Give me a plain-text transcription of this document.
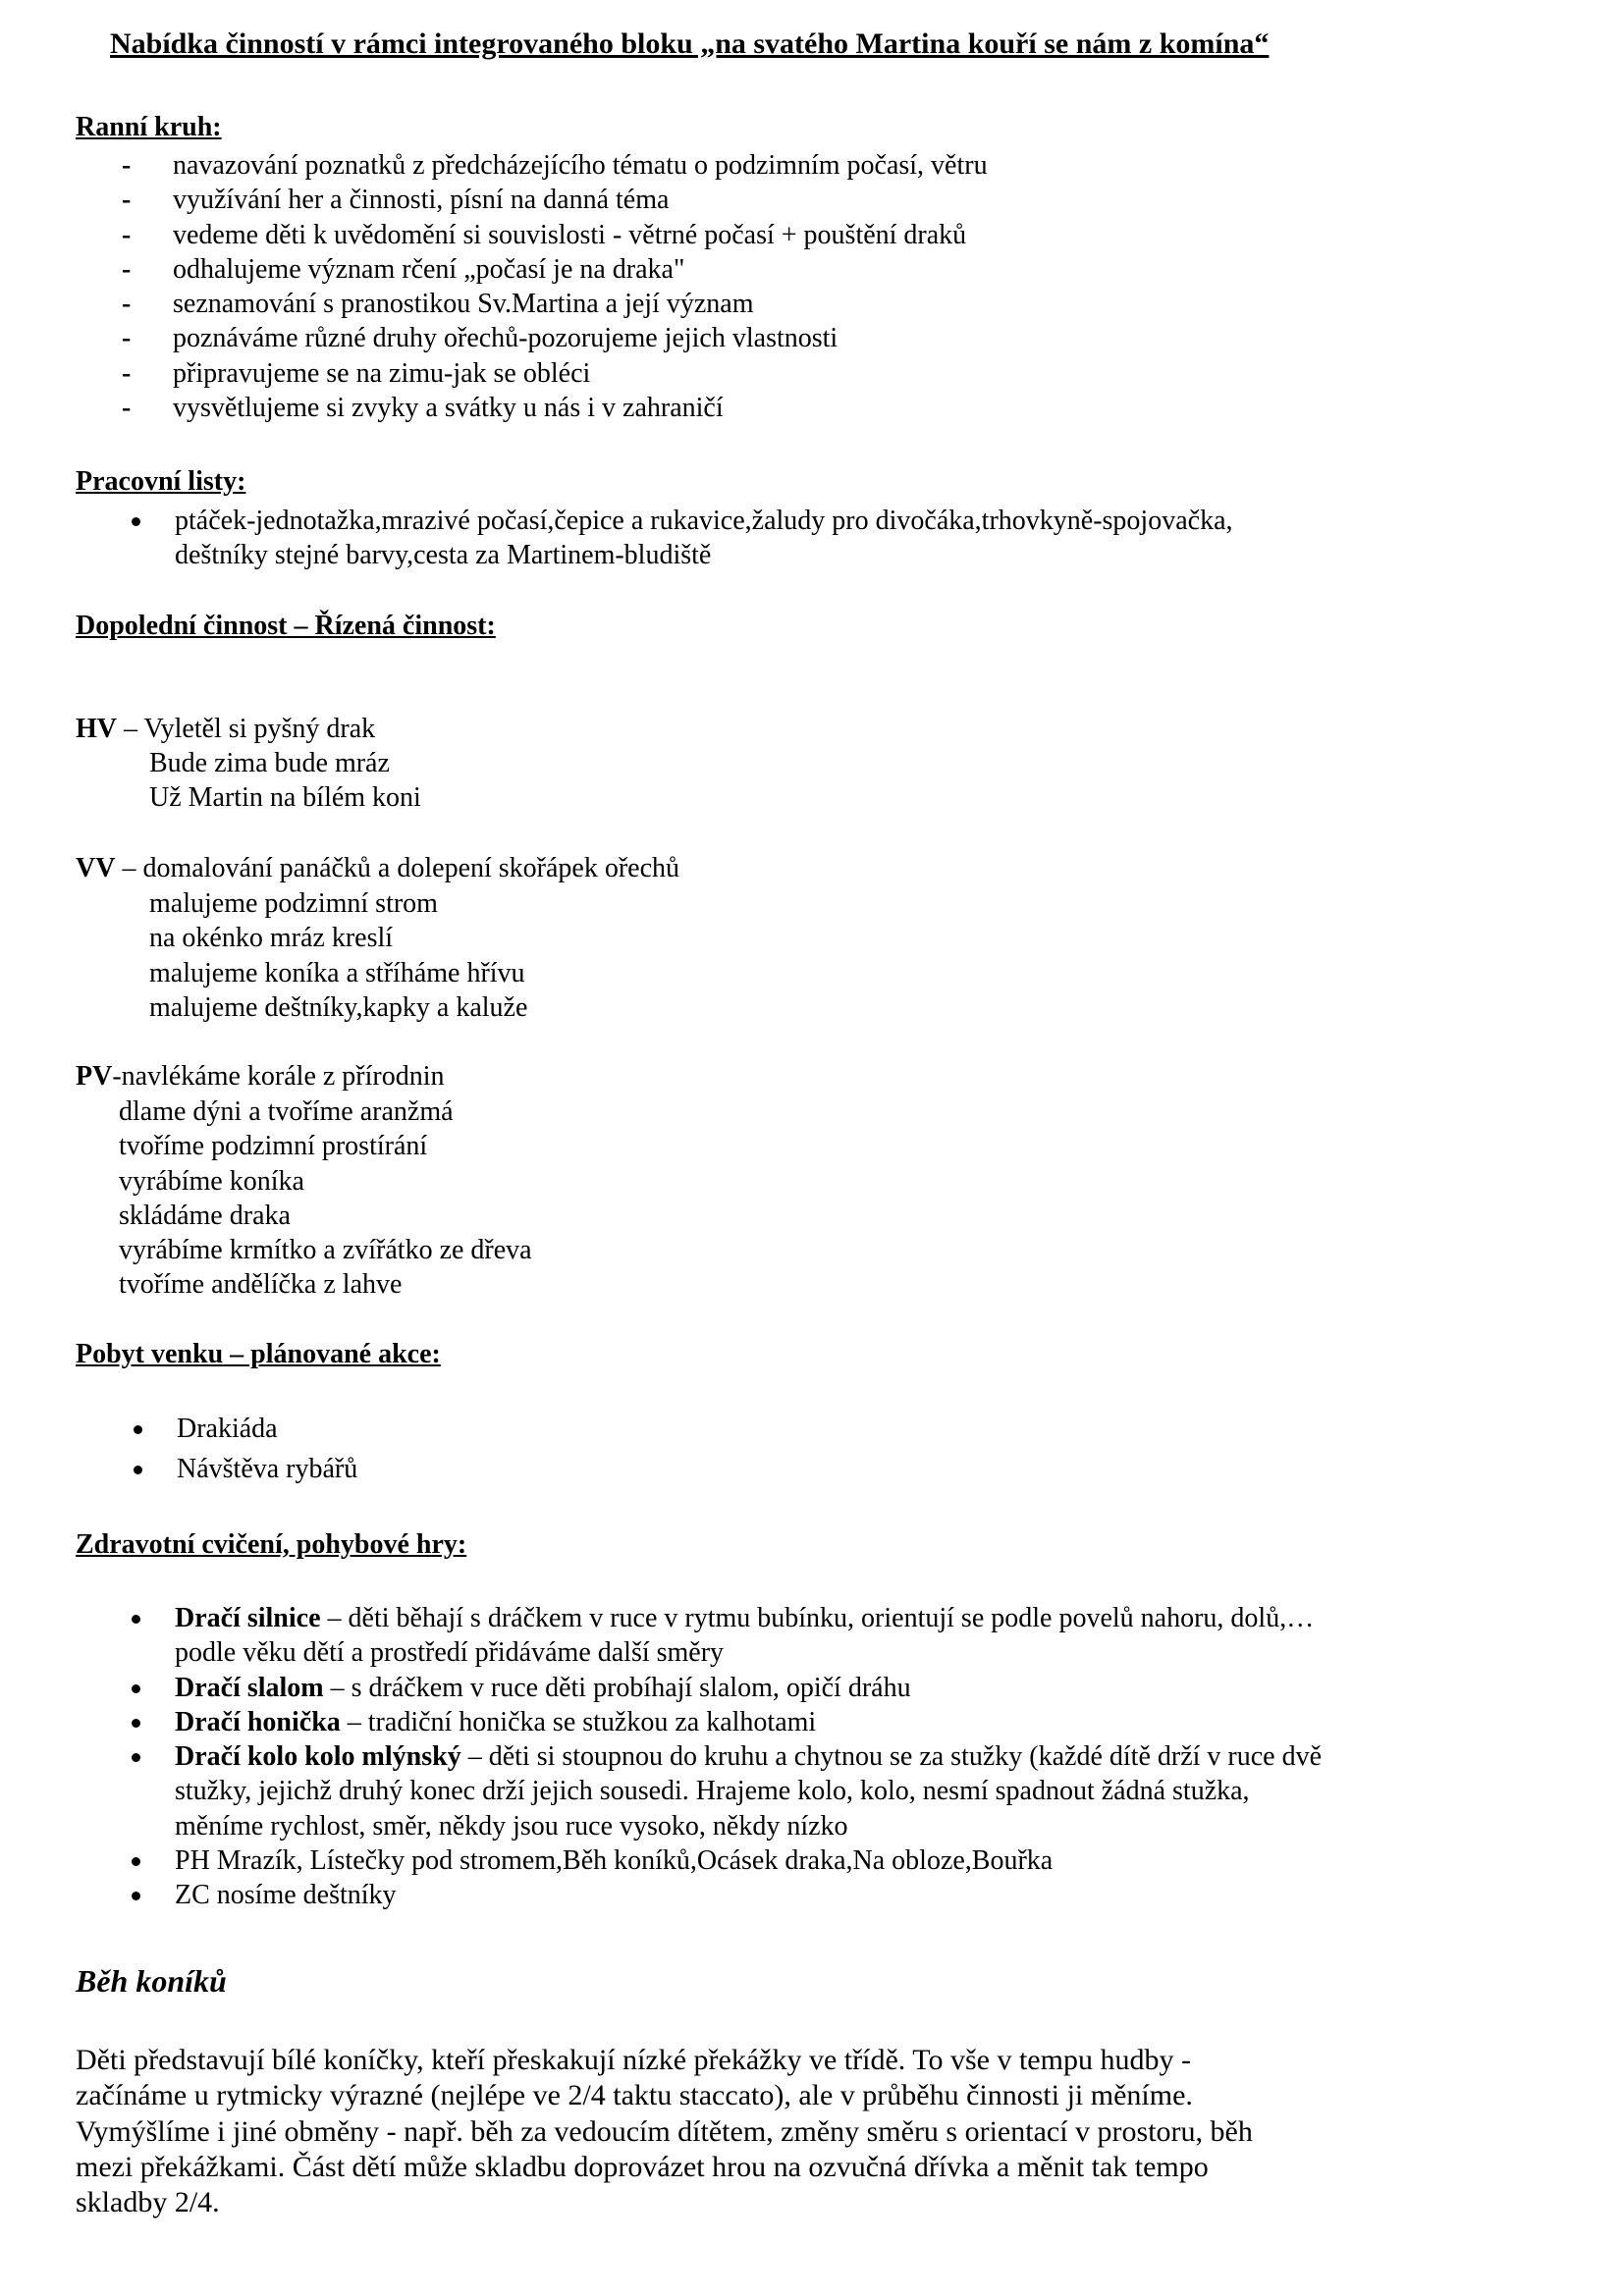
Nabídka činností v rámci integrovaného bloku „na svatého Martina kouří se nám z komína“
Ranní kruh:
- navazování poznatků z předcházejícího tématu o podzimním počasí, větru
- využívání her a činnosti, písní na danná téma
- vedeme děti k uvědomění si souvislosti - větrné počasí + pouštění draků
- odhalujeme význam rčení „počasí je na draka"
- seznamování s pranostikou Sv.Martina a její význam
- poznáváme různé druhy ořechů-pozorujeme jejich vlastnosti
- připravujeme se na zimu-jak se obléci
- vysvětlujeme si zvyky a svátky u nás i v zahraničí
Pracovní listy:
ptáček-jednotažka,mrazivé počasí,čepice a rukavice,žaludy pro divočáka,trhovkyně-spojovačka,
deštníky stejné barvy,cesta za Martinem-bludiště
Dopolední činnost – Řízená činnost:
HV – Vyletěl si pyšný drak
Bude zima bude mráz
Už Martin na bílém koni
VV – domalování panáčků a dolepení skořápek ořechů
malujeme podzimní strom
na okénko mráz kreslí
malujeme koníka a stříháme hřívu
malujeme deštníky,kapky a kaluže
PV-navlékáme korále z přírodnin
dlame dýni a tvoříme aranžmá
tvoříme podzimní prostírání
vyrábíme koníka
skládáme draka
vyrábíme krmítko a zvířátko ze dřeva
tvoříme andělíčka z lahve
Pobyt venku – plánované akce:
Drakiáda
Návštěva rybářů
Zdravotní cvičení, pohybové hry:
Dračí silnice – děti běhají s dráčkem v ruce v rytmu bubínku, orientují se podle povelů nahoru, dolů,…
podle věku dětí a prostředí přidáváme další směry
Dračí slalom – s dráčkem v ruce děti probíhají slalom, opičí dráhu
Dračí honička – tradiční honička se stužkou za kalhotami
Dračí kolo kolo mlýnský – děti si stoupnou do kruhu a chytnou se za stužky (každé dítě drží v ruce dvě
stužky, jejichž druhý konec drží jejich sousedi. Hrajeme kolo, kolo, nesmí spadnout žádná stužka,
měníme rychlost, směr, někdy jsou ruce vysoko, někdy nízko
PH Mrazík, Lístečky pod stromem,Běh koníků,Ocásek draka,Na obloze,Bouřka
ZC nosíme deštníky
Běh koníků
Děti představují bílé koníčky, kteří přeskakují nízké překážky ve třídě. To vše v tempu hudby -
začínáme u rytmicky výrazné (nejlépe ve 2/4 taktu staccato), ale v průběhu činnosti ji měníme.
Vymýšlíme i jiné obměny - např. běh za vedoucím dítětem, změny směru s orientací v prostoru, běh
mezi překážkami. Část dětí může skladbu doprovázet hrou na ozvučná dřívka a měnit tak tempo
skladby 2/4.
